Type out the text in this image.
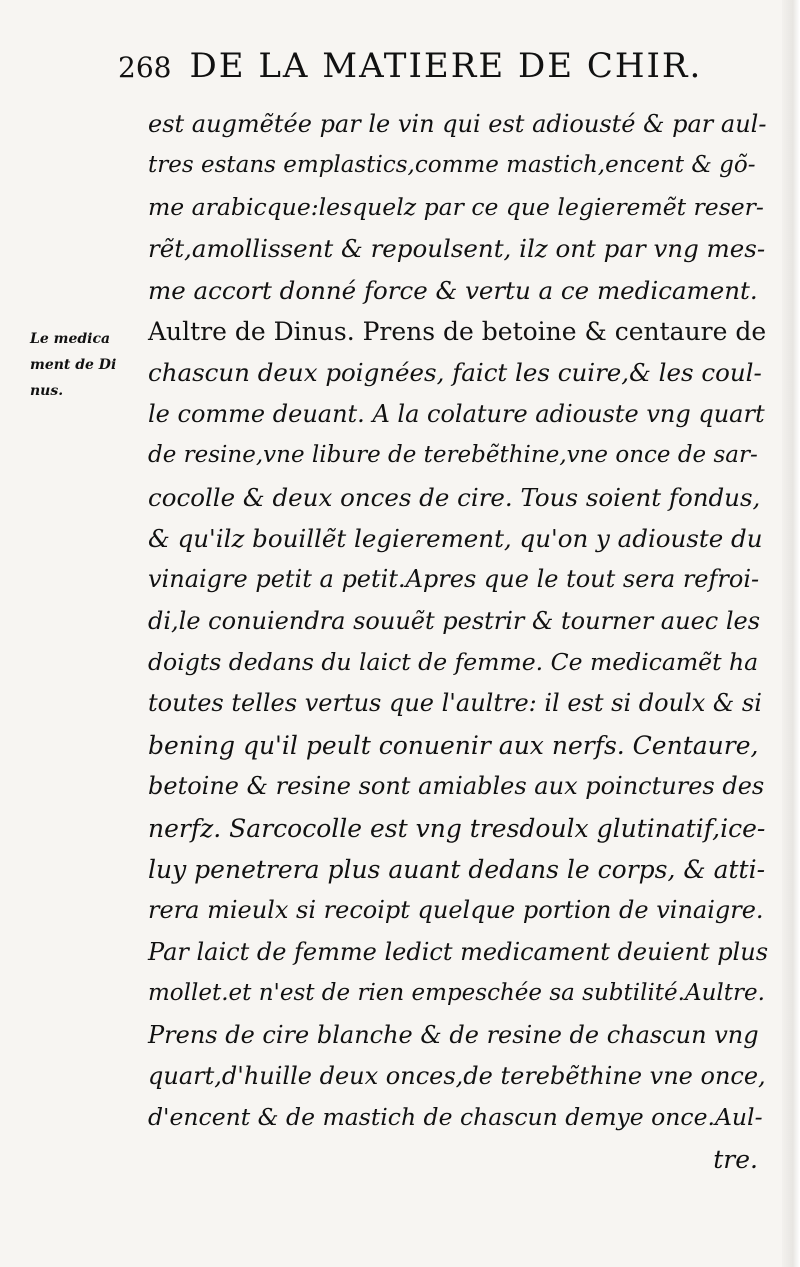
268 DE LA MATIERE DE CHIR.
Le medica
ment de Di
nus.
est augmẽtée par le vin qui est adiousté & par aul-
tres estans emplastics,comme mastich,encent & gõ-
me arabicque:lesquelz par ce que legieremẽt reser-
rẽt,amollissent & repoulsent, ilz ont par vng mes-
me accort donné force & vertu a ce medicament.
Aultre de Dinus. Prens de betoine & centaure de
chascun deux poignées, faict les cuire,& les coul-
le comme deuant. A la colature adiouste vng quart
de resine,vne libure de terebẽthine,vne once de sar-
cocolle & deux onces de cire. Tous soient fondus,
& qu'ilz bouillẽt legierement, qu'on y adiouste du
vinaigre petit a petit.Apres que le tout sera refroi-
di,le conuiendra souuẽt pestrir & tourner auec les
doigts dedans du laict de femme. Ce medicamẽt ha
toutes telles vertus que l'aultre: il est si doulx & si
bening qu'il peult conuenir aux nerfs. Centaure,
betoine & resine sont amiables aux poinctures des
nerfz. Sarcocolle est vng tresdoulx glutinatif,ice-
luy penetrera plus auant dedans le corps, & atti-
rera mieulx si recoipt quelque portion de vinaigre.
Par laict de femme ledict medicament deuient plus
mollet.et n'est de rien empeschée sa subtilité.Aultre.
Prens de cire blanche & de resine de chascun vng
quart,d'huille deux onces,de terebẽthine vne once,
d'encent & de mastich de chascun demye once.Aul-
tre.
